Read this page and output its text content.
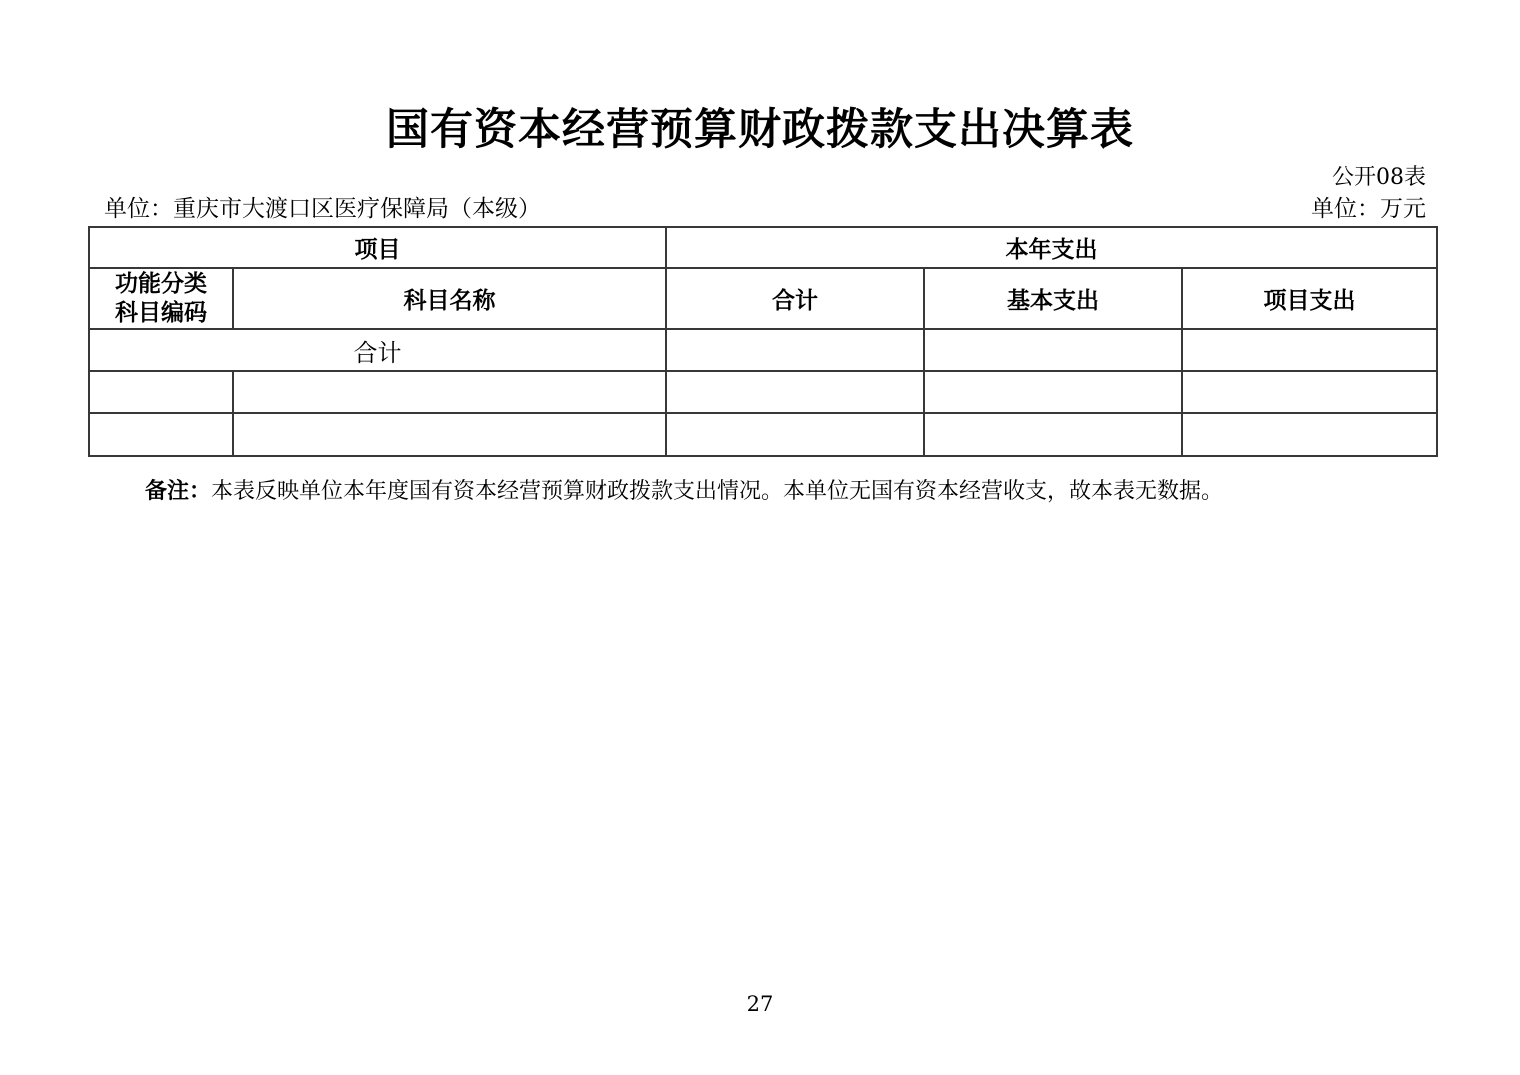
国有资本经营预算财政拨款支出决算表
公开08表
单位：重庆市大渡口区医疗保障局（本级）	单位：万元
项目		本年支出		

功能分类
科目编码	科目名称	合计	基本支出	项目支出
合计				

备注：本表反映单位本年度国有资本经营预算财政拨款支出情况。本单位无国有资本经营收支，故本表无数据。
27
